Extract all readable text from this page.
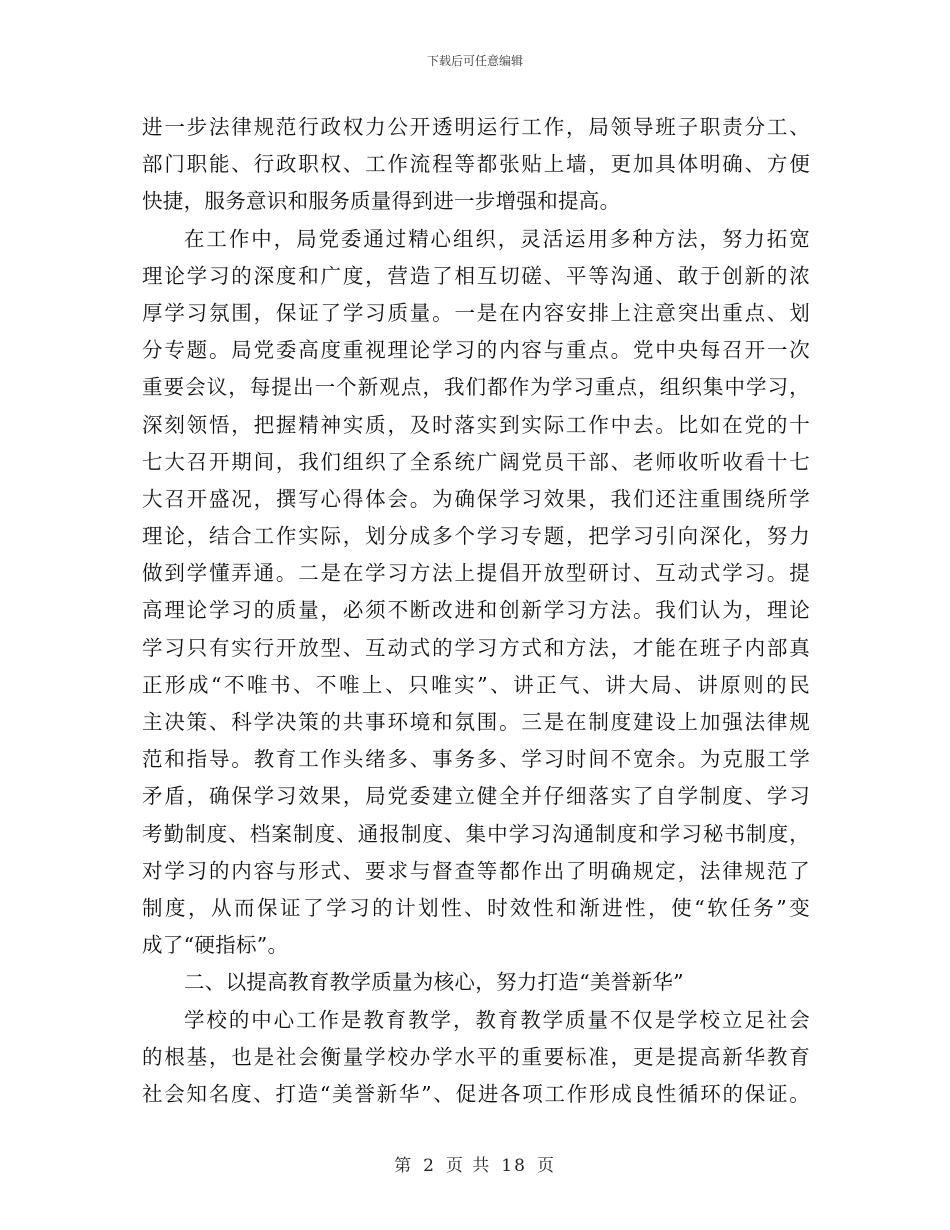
下载后可任意编辑
进一步法律规范行政权力公开透明运行工作，局领导班子职责分工、
部门职能、行政职权、工作流程等都张贴上墙，更加具体明确、方便
快捷，服务意识和服务质量得到进一步增强和提高。
在工作中，局党委通过精心组织，灵活运用多种方法，努力拓宽
理论学习的深度和广度，营造了相互切磋、平等沟通、敢于创新的浓
厚学习氛围，保证了学习质量。一是在内容安排上注意突出重点、划
分专题。局党委高度重视理论学习的内容与重点。党中央每召开一次
重要会议，每提出一个新观点，我们都作为学习重点，组织集中学习，
深刻领悟，把握精神实质，及时落实到实际工作中去。比如在党的十
七大召开期间，我们组织了全系统广阔党员干部、老师收听收看十七
大召开盛况，撰写心得体会。为确保学习效果，我们还注重围绕所学
理论，结合工作实际，划分成多个学习专题，把学习引向深化，努力
做到学懂弄通。二是在学习方法上提倡开放型研讨、互动式学习。提
高理论学习的质量，必须不断改进和创新学习方法。我们认为，理论
学习只有实行开放型、互动式的学习方式和方法，才能在班子内部真
正形成“不唯书、不唯上、只唯实”、讲正气、讲大局、讲原则的民
主决策、科学决策的共事环境和氛围。三是在制度建设上加强法律规
范和指导。教育工作头绪多、事务多、学习时间不宽余。为克服工学
矛盾，确保学习效果，局党委建立健全并仔细落实了自学制度、学习
考勤制度、档案制度、通报制度、集中学习沟通制度和学习秘书制度，
对学习的内容与形式、要求与督查等都作出了明确规定，法律规范了
制度，从而保证了学习的计划性、时效性和渐进性，使“软任务”变
成了“硬指标”。
二、以提高教育教学质量为核心，努力打造“美誉新华”
学校的中心工作是教育教学，教育教学质量不仅是学校立足社会
的根基，也是社会衡量学校办学水平的重要标准，更是提高新华教育
社会知名度、打造“美誉新华”、促进各项工作形成良性循环的保证。
第 2 页 共 18 页
